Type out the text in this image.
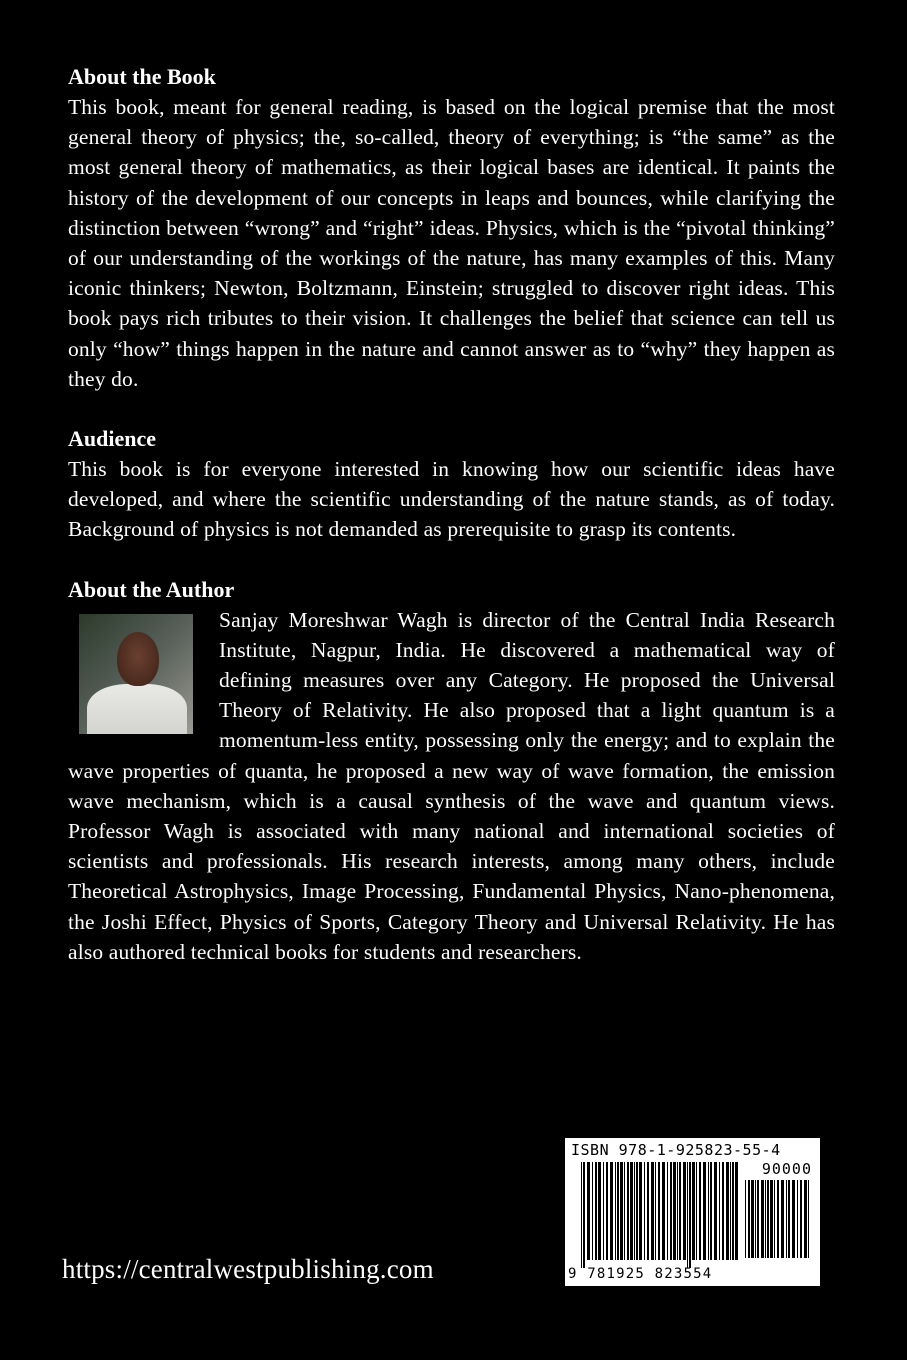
About the Book

This book, meant for general reading, is based on the logical premise that the most general theory of physics; the, so-called, theory of everything; is “the same” as the most general theory of mathematics, as their logical bases are identical. It paints the history of the development of our concepts in leaps and bounces, while clarifying the distinction between “wrong” and “right” ideas. Physics, which is the “pivotal thinking” of our understanding of the workings of the nature, has many examples of this. Many iconic thinkers; Newton, Boltzmann, Einstein; struggled to discover right ideas. This book pays rich tributes to their vision. It challenges the belief that science can tell us only “how” things happen in the nature and cannot answer as to “why” they happen as they do.

Audience

This book is for everyone interested in knowing how our scientific ideas have developed, and where the scientific understanding of the nature stands, as of today. Background of physics is not demanded as prerequisite to grasp its contents.

About the Author

Sanjay Moreshwar Wagh is director of the Central India Research Institute, Nagpur, India. He discovered a mathematical way of defining measures over any Category. He proposed the Universal Theory of Relativity. He also proposed that a light quantum is a momentum-less entity, possessing only the energy; and to explain the wave properties of quanta, he proposed a new way of wave formation, the emission wave mechanism, which is a causal synthesis of the wave and quantum views. Professor Wagh is associated with many national and international societies of scientists and professionals. His research interests, among many others, include Theoretical Astrophysics, Image Processing, Fundamental Physics, Nano-phenomena, the Joshi Effect, Physics of Sports, Category Theory and Universal Relativity. He has also authored technical books for students and researchers.

https://centralwestpublishing.com
ISBN 978-1-925823-55-4
90000
9 781925 823554
